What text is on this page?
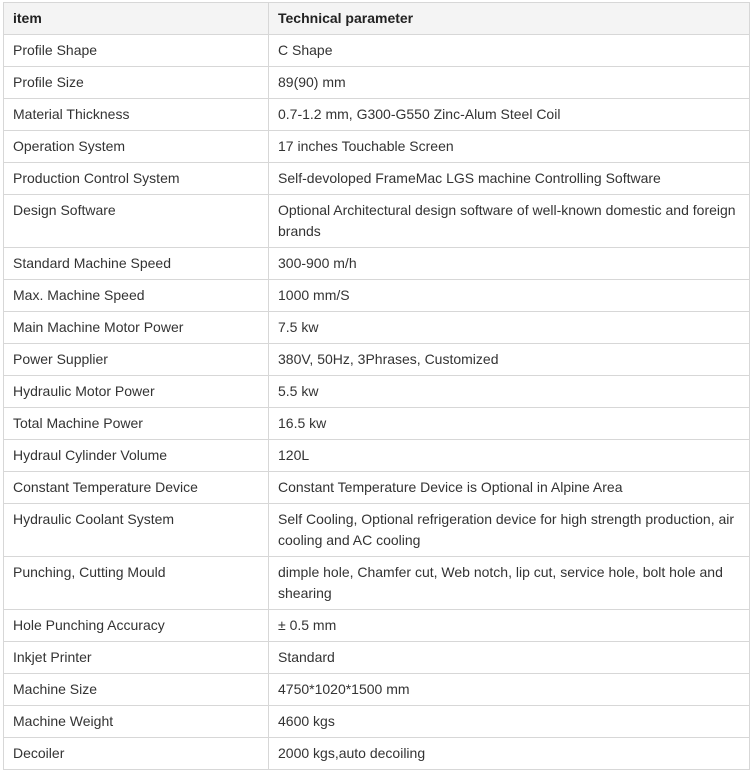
item	Technical parameter
Profile Shape	C Shape
Profile Size	89(90) mm
Material Thickness	0.7-1.2 mm, G300-G550 Zinc-Alum Steel Coil
Operation System	17 inches Touchable Screen
Production Control System	Self-devoloped FrameMac LGS machine Controlling Software
Design Software	Optional Architectural design software of well-known domestic and foreign brands
Standard Machine Speed	300-900 m/h
Max. Machine Speed	1000 mm/S
Main Machine Motor Power	7.5 kw
Power Supplier	380V, 50Hz, 3Phrases, Customized
Hydraulic Motor Power	5.5 kw
Total Machine Power	16.5 kw
Hydraul Cylinder Volume	120L
Constant Temperature Device	Constant Temperature Device is Optional in Alpine Area
Hydraulic Coolant System	Self Cooling, Optional refrigeration device for high strength production, air cooling and AC cooling
Punching, Cutting Mould	dimple hole, Chamfer cut, Web notch, lip cut, service hole, bolt hole and shearing
Hole Punching Accuracy	± 0.5 mm
Inkjet Printer	Standard
Machine Size	4750*1020*1500 mm
Machine Weight	4600 kgs
Decoiler	2000 kgs,auto decoiling
